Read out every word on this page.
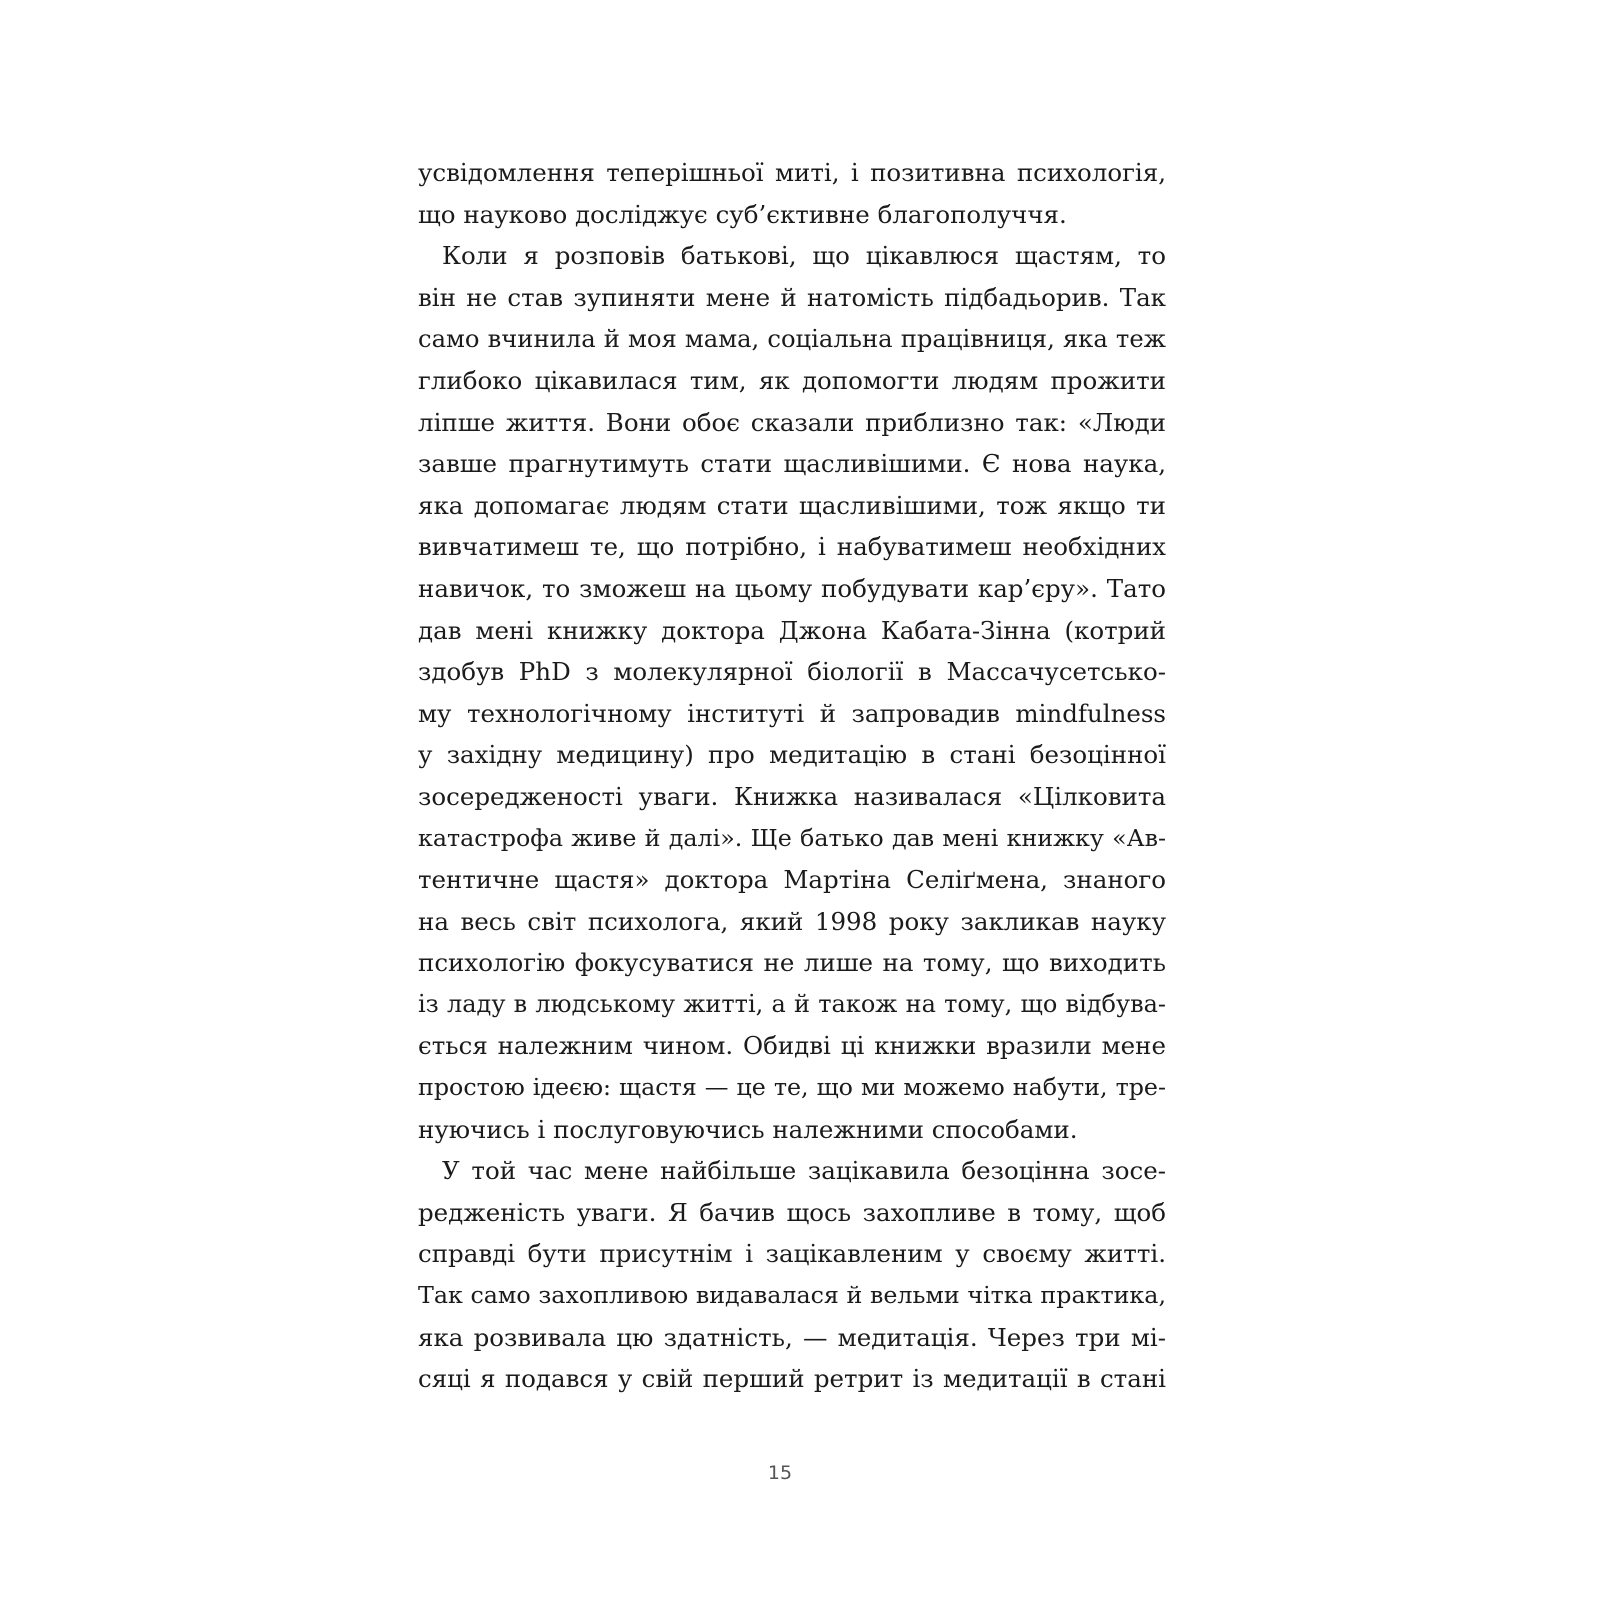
усвідомлення теперішньої миті, і позитивна психологія,
що науково досліджує суб’єктивне благополуччя.
Коли я розповів батькові, що цікавлюся щастям, то
він не став зупиняти мене й натомість підбадьорив. Так
само вчинила й моя мама, соціальна працівниця, яка теж
глибоко цікавилася тим, як допомогти людям прожити
ліпше життя. Вони обоє сказали приблизно так: «Люди
завше прагнутимуть стати щасливішими. Є нова наука,
яка допомагає людям стати щасливішими, тож якщо ти
вивчатимеш те, що потрібно, і набуватимеш необхідних
навичок, то зможеш на цьому побудувати кар’єру». Тато
дав мені книжку доктора Джона Кабата-Зінна (котрий
здобув PhD з молекулярної біології в Массачусетсько-
му технологічному інституті й запровадив mindfulness
у західну медицину) про медитацію в стані безоцінної
зосередженості уваги. Книжка називалася «Цілковита
катастрофа живе й далі». Ще батько дав мені книжку «Ав-
тентичне щастя» доктора Мартіна Селіґмена, знаного
на весь світ психолога, який 1998 року закликав науку
психологію фокусуватися не лише на тому, що виходить
із ладу в людському житті, а й також на тому, що відбува-
ється належним чином. Обидві ці книжки вразили мене
простою ідеєю: щастя — це те, що ми можемо набути, тре-
нуючись і послуговуючись належними способами.
У той час мене найбільше зацікавила безоцінна зосе-
редженість уваги. Я бачив щось захопливе в тому, щоб
справді бути присутнім і зацікавленим у своєму житті.
Так само захопливою видавалася й вельми чітка практика,
яка розвивала цю здатність, — медитація. Через три мі-
сяці я подався у свій перший ретрит із медитації в стані
15
